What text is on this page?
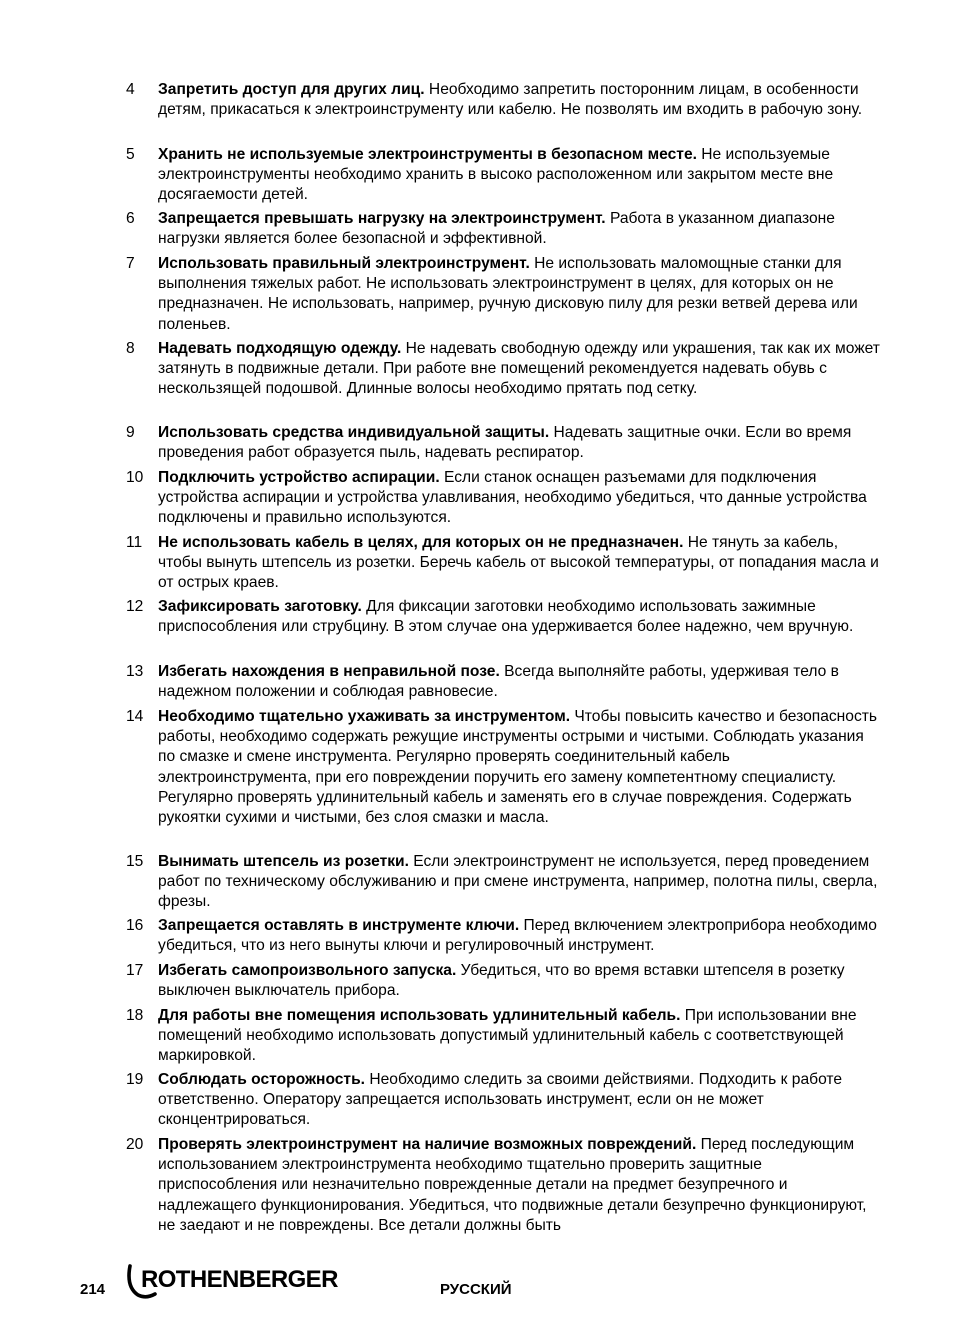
4 Запретить доступ для других лиц. Необходимо запретить посторонним лицам, в особенности детям, прикасаться к электроинструменту или кабелю. Не позволять им входить в рабочую зону.
5 Хранить не используемые электроинструменты в безопасном месте. Не используемые электроинструменты необходимо хранить в высоко расположенном или закрытом месте вне досягаемости детей.
6 Запрещается превышать нагрузку на электроинструмент. Работа в указанном диапазоне нагрузки является более безопасной и эффективной.
7 Использовать правильный электроинструмент. Не использовать маломощные станки для выполнения тяжелых работ. Не использовать электроинструмент в целях, для которых он не предназначен. Не использовать, например, ручную дисковую пилу для резки ветвей дерева или поленьев.
8 Надевать подходящую одежду. Не надевать свободную одежду или украшения, так как их может затянуть в подвижные детали. При работе вне помещений рекомендуется надевать обувь с нескользящей подошвой. Длинные волосы необходимо прятать под сетку.
9 Использовать средства индивидуальной защиты. Надевать защитные очки. Если во время проведения работ образуется пыль, надевать респиратор.
10 Подключить устройство аспирации. Если станок оснащен разъемами для подключения устройства аспирации и устройства улавливания, необходимо убедиться, что данные устройства подключены и правильно используются.
11 Не использовать кабель в целях, для которых он не предназначен. Не тянуть за кабель, чтобы вынуть штепсель из розетки. Беречь кабель от высокой температуры, от попадания масла и от острых краев.
12 Зафиксировать заготовку. Для фиксации заготовки необходимо использовать зажимные приспособления или струбцину. В этом случае она удерживается более надежно, чем вручную.
13 Избегать нахождения в неправильной позе. Всегда выполняйте работы, удерживая тело в надежном положении и соблюдая равновесие.
14 Необходимо тщательно ухаживать за инструментом. Чтобы повысить качество и безопасность работы, необходимо содержать режущие инструменты острыми и чистыми. Соблюдать указания по смазке и смене инструмента. Регулярно проверять соединительный кабель электроинструмента, при его повреждении поручить его замену компетентному специалисту. Регулярно проверять удлинительный кабель и заменять его в случае повреждения. Содержать рукоятки сухими и чистыми, без слоя смазки и масла.
15 Вынимать штепсель из розетки. Если электроинструмент не используется, перед проведением работ по техническому обслуживанию и при смене инструмента, например, полотна пилы, сверла, фрезы.
16 Запрещается оставлять в инструменте ключи. Перед включением электроприбора необходимо убедиться, что из него вынуты ключи и регулировочный инструмент.
17 Избегать самопроизвольного запуска. Убедиться, что во время вставки штепселя в розетку выключен выключатель прибора.
18 Для работы вне помещения использовать удлинительный кабель. При использовании вне помещений необходимо использовать допустимый удлинительный кабель с соответствующей маркировкой.
19 Соблюдать осторожность. Необходимо следить за своими действиями. Подходить к работе ответственно. Оператору запрещается использовать инструмент, если он не может сконцентрироваться.
20 Проверять электроинструмент на наличие возможных повреждений. Перед последующим использованием электроинструмента необходимо тщательно проверить защитные приспособления или незначительно поврежденные детали на предмет безупречного и надлежащего функционирования. Убедиться, что подвижные детали безупречно функционируют, не заедают и не повреждены. Все детали должны быть
214 ROTHENBERGER	РУССКИЙ
